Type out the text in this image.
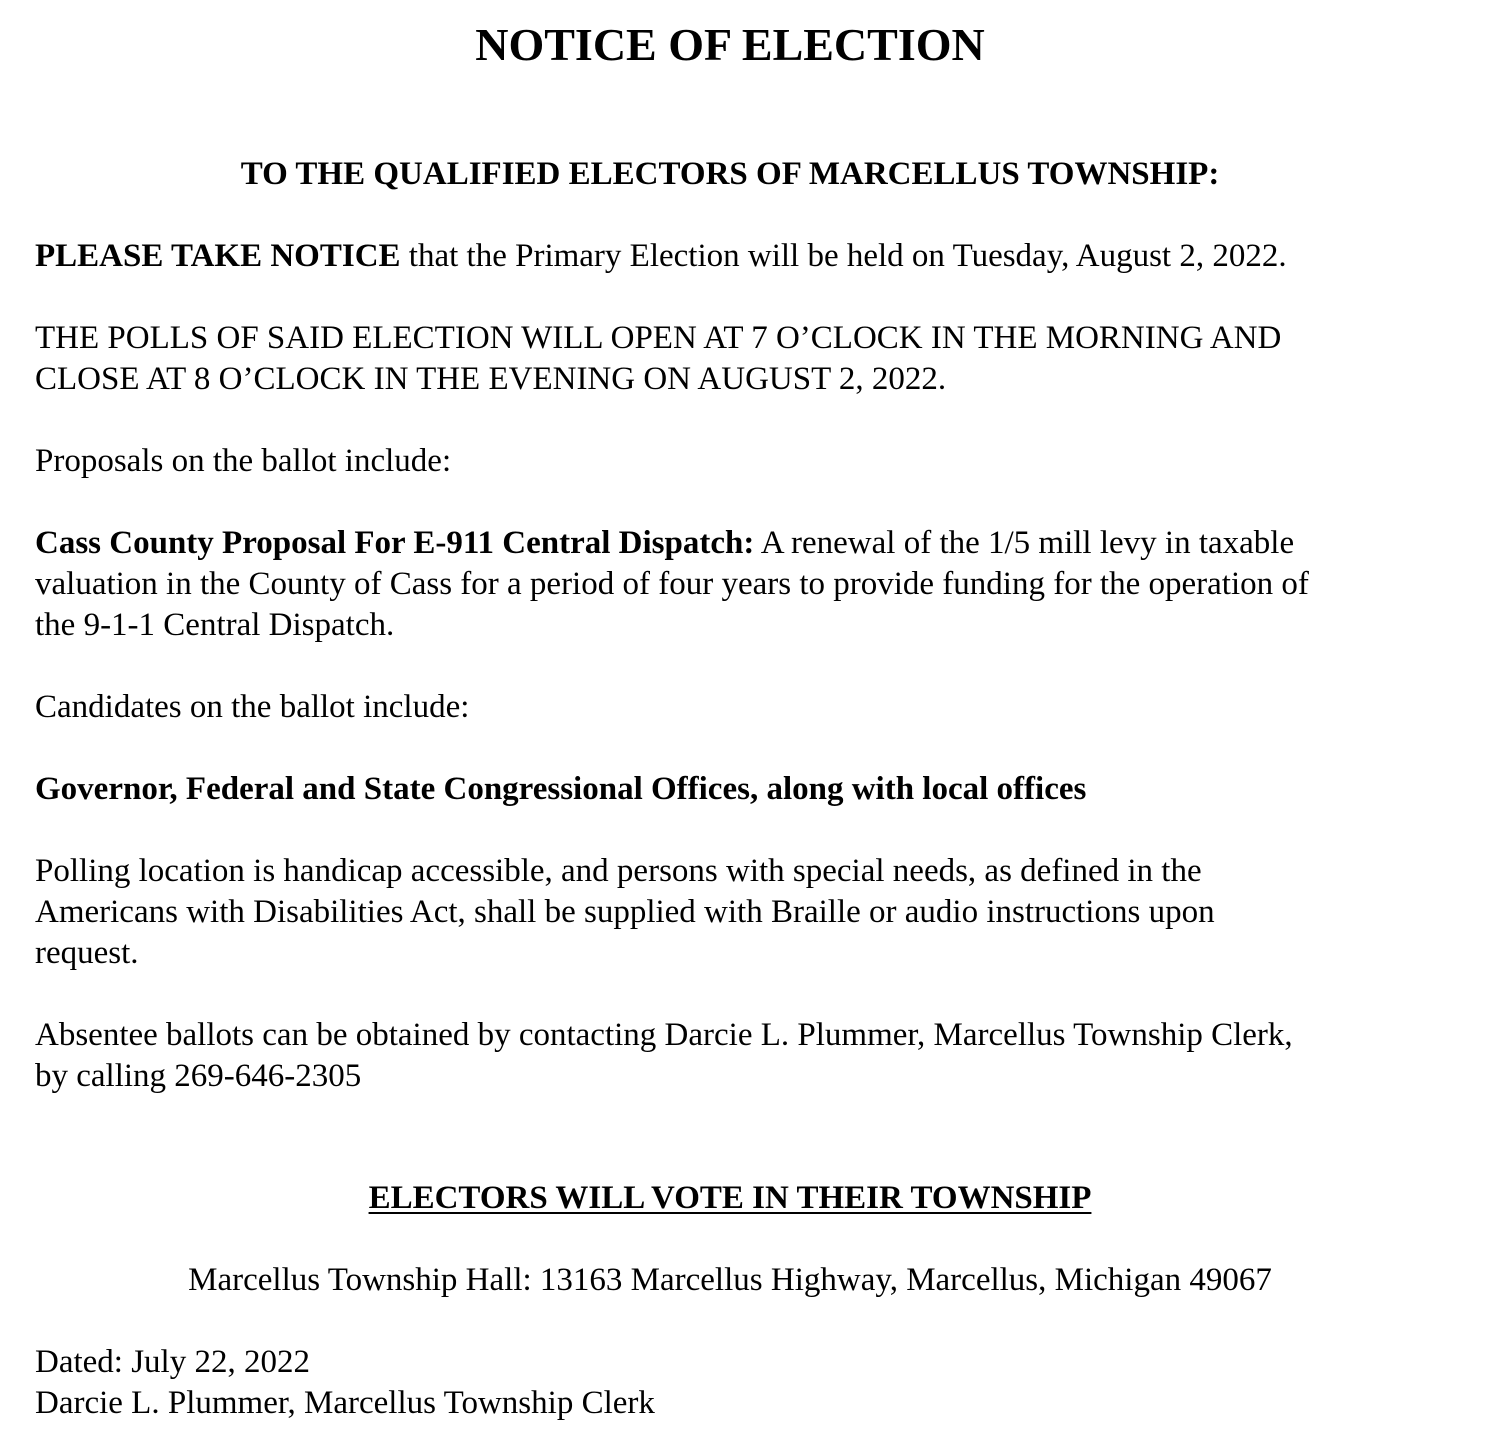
NOTICE OF ELECTION
TO THE QUALIFIED ELECTORS OF MARCELLUS TOWNSHIP:
PLEASE TAKE NOTICE that the Primary Election will be held on Tuesday, August 2, 2022.
THE POLLS OF SAID ELECTION WILL OPEN AT 7 O’CLOCK IN THE MORNING AND
CLOSE AT 8 O’CLOCK IN THE EVENING ON AUGUST 2, 2022.
Proposals on the ballot include:
Cass County Proposal For E-911 Central Dispatch: A renewal of the 1/5 mill levy in taxable
valuation in the County of Cass for a period of four years to provide funding for the operation of
the 9-1-1 Central Dispatch.
Candidates on the ballot include:
Governor, Federal and State Congressional Offices, along with local offices
Polling location is handicap accessible, and persons with special needs, as defined in the
Americans with Disabilities Act, shall be supplied with Braille or audio instructions upon
request.
Absentee ballots can be obtained by contacting Darcie L. Plummer, Marcellus Township Clerk,
by calling 269-646-2305
ELECTORS WILL VOTE IN THEIR TOWNSHIP
Marcellus Township Hall: 13163 Marcellus Highway, Marcellus, Michigan 49067
Dated: July 22, 2022
Darcie L. Plummer, Marcellus Township Clerk
